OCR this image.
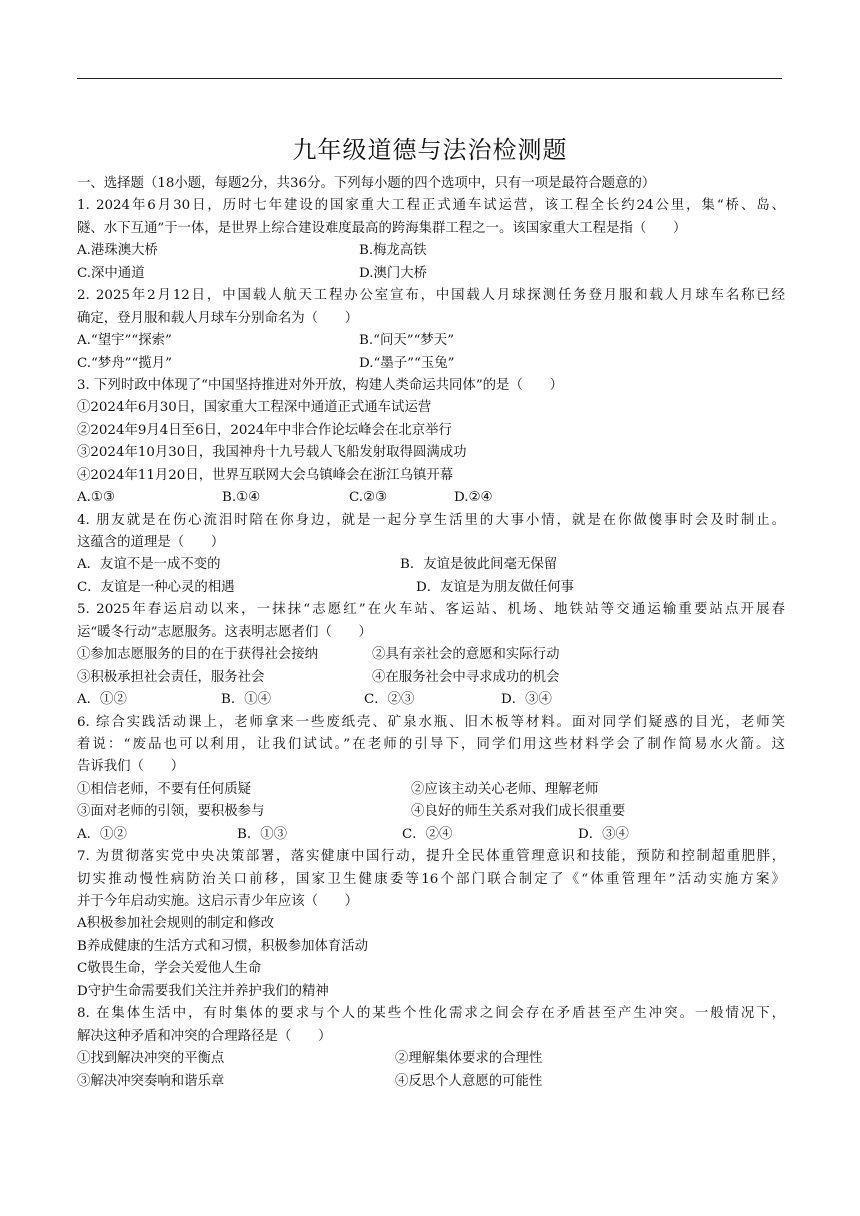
九年级道德与法治检测题
一、选择题（18小题，每题2分，共36分。下列每小题的四个选项中，只有一项是最符合题意的）
1. 2024年6月30日，历时七年建设的国家重大工程正式通车试运营，该工程全长约24公里，集“桥、岛、
隧、水下互通”于一体，是世界上综合建设难度最高的跨海集群工程之一。该国家重大工程是指（　　）
A.港珠澳大桥	B.梅龙高铁
C.深中通道	D.澳门大桥
2. 2025年2月12日，中国载人航天工程办公室宣布，中国载人月球探测任务登月服和载人月球车名称已经
确定，登月服和载人月球车分别命名为（　　）
A.“望宇”“探索”	B.“问天”“梦天”
C.“梦舟”“揽月”	D.“墨子”“玉兔”
3. 下列时政中体现了“中国坚持推进对外开放，构建人类命运共同体”的是（　　）
①2024年6月30日，国家重大工程深中通道正式通车试运营
②2024年9月4日至6日，2024年中非合作论坛峰会在北京举行
③2024年10月30日，我国神舟十九号载人飞船发射取得圆满成功
④2024年11月20日，世界互联网大会乌镇峰会在浙江乌镇开幕
A.①③	B.①④	C.②③	D.②④
4. 朋友就是在伤心流泪时陪在你身边，就是一起分享生活里的大事小情，就是在你做傻事时会及时制止。
这蕴含的道理是（　　）
A．友谊不是一成不变的	B．友谊是彼此间毫无保留
C．友谊是一种心灵的相遇	D．友谊是为朋友做任何事
5. 2025年春运启动以来，一抹抹“志愿红”在火车站、客运站、机场、地铁站等交通运输重要站点开展春
运“暖冬行动”志愿服务。这表明志愿者们（　　）
①参加志愿服务的目的在于获得社会接纳	②具有亲社会的意愿和实际行动
③积极承担社会责任，服务社会	④在服务社会中寻求成功的机会
A．①②	B．①④	C．②③	D．③④
6. 综合实践活动课上，老师拿来一些废纸壳、矿泉水瓶、旧木板等材料。面对同学们疑惑的目光，老师笑
着说：“废品也可以利用，让我们试试。”在老师的引导下，同学们用这些材料学会了制作简易水火箭。这
告诉我们（　　）
①相信老师，不要有任何质疑	②应该主动关心老师、理解老师
③面对老师的引领，要积极参与	④良好的师生关系对我们成长很重要
A．①②	B．①③	C．②④	D．③④
7. 为贯彻落实党中央决策部署，落实健康中国行动，提升全民体重管理意识和技能，预防和控制超重肥胖，
切实推动慢性病防治关口前移，国家卫生健康委等16个部门联合制定了《“体重管理年”活动实施方案》
并于今年启动实施。这启示青少年应该（　　）
A积极参加社会规则的制定和修改
B养成健康的生活方式和习惯，积极参加体育活动
C敬畏生命，学会关爱他人生命
D守护生命需要我们关注并养护我们的精神
8. 在集体生活中，有时集体的要求与个人的某些个性化需求之间会存在矛盾甚至产生冲突。一般情况下，
解决这种矛盾和冲突的合理路径是（　　）
①找到解决冲突的平衡点	②理解集体要求的合理性
③解决冲突奏响和谐乐章	④反思个人意愿的可能性
